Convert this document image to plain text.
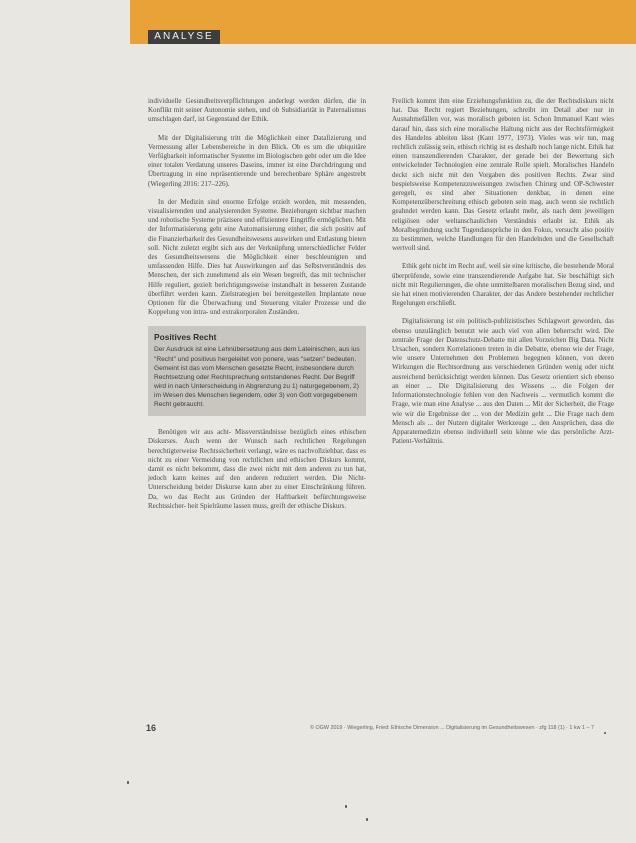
ANALYSE

individuelle Gesundheitsverpflichtungen anderlegt werden dürfen, die in Konflikt mit seiner Autonomie stehen, und ob Subsidiarität in Paternalismus umschlagen darf, ist Gegenstand der Ethik.

Mit der Digitalisierung tritt die Möglichkeit einer Datafizierung und Vermessung aller Lebensbereiche in den Blick. Ob es um die ubiquitäre Verfügbarkeit informatischer Systeme im Biologischen geht oder um die Idee einer totalen Verdatung unseres Daseins, immer ist eine Durchdringung und Übertragung in eine repräsentierende und berechenbare Sphäre angestrebt (Wiegerling 2016: 217–226).

In der Medizin sind enorme Erfolge erzielt worden, mit messenden, visualisierenden und analysierenden Systeme. Beziehungen sichtbar machen und robotische Systeme präzisere und effizientere Eingriffe ermöglichen. Mit der Informatisierung geht eine Automatisierung einher, die sich positiv auf die Finanzierbarkeit des Gesundheitswesens auswirken und Entlastung bieten soll. Nicht zuletzt ergibt sich aus der Verknüpfung unterschiedlicher Felder des Gesundheitswesens die Möglichkeit einer beschleunigten und umfassenden Hilfe. Dies hat Auswirkungen auf das Selbstverständnis des Menschen, der sich zunehmend als ein Wesen begreift, das mit technischer Hilfe reguliert, gezielt berichtigungsweise instandhalt in besseren Zustande überführt werden kann. Zielstrategien bei bereitgestellen Implantate neue Optionen für die Überwachung und Steuerung vitaler Prozesse und die Koppelung von intra- und extrakorporalen Zuständen.

Positives Recht
Der Ausdruck ist eine Lehnübersetzung aus dem Lateinischen, aus ius "Recht" und positivus hergeleitet von ponere, was "setzen" bedeuten. Gemeint ist das vom Menschen gesetzte Recht, insbesondere durch Rechtsetzung oder Rechtsprechung entstandenes Recht. Der Begriff wird in nach Unterscheidung in Abgrenzung zu 1) naturgegebenem, 2) im Wesen des Menschen liegendem, oder 3) von Gott vorgegebenem Recht gebraucht.

Benötigen wir aus acht- Missverständnisse bezüglich eines ethischen Diskurses. Auch wenn der Wunsch nach rechtlichen Regelungen berechtigterweise Rechtssicherheit verlangt, wäre es nachvollziehbar, dass es nicht zu einer Vermeidung von rechtlichen und ethischen Diskurs kommt, damit es nicht bekommt, dass die zwei nicht mit dem anderen zu tun hat, jedoch kann keines auf den anderen reduziert werden. Die Nicht-Unterscheidung beider Diskurse kann aber zu einer Einschränkung führen. Da, wo das Recht aus Gründen der Haftbarkeit befürchtungsweise Rechtssicher- heit Spielräume lassen muss, greift der ethische Diskurs.

Freilich kommt ihm eine Erziehungsfunktion zu, die der Rechtsdiskurs nicht hat. Das Recht regiert Beziehungen, schreibt im Detail aber nur in Ausnahmefällen vor, was moralisch geboten ist. Schon Immanuel Kant wies darauf hin, dass sich eine moralische Haltung nicht aus der Rechtsförmigkeit des Handelns ableiten lässt (Kant 1977, 1973). Vieles was wir tun, mag rechtlich zulässig sein, ethisch richtig ist es deshalb noch lange nicht. Ethik hat einen transzendierenden Charakter, der gerade bei der Bewertung sich entwickelnder Technologien eine zentrale Rolle spielt. Moralisches Handeln deckt sich nicht mit den Vorgaben des positiven Rechts. Zwar sind bespielsweise Kompetenzzuweisungen zwischen Chirurg und OP-Schwester geregelt, es sind aber Situationen denkbar, in denen eine Kompetenzüberschreitung ethisch geboten sein mag, auch wenn sie rechtlich geahndet werden kann. Das Gesetz erlaubt mehr, als nach dem jeweiligen religiösen oder weltanschaulichen Verständnis erlaubt ist. Ethik als Moralbegründung sucht Tugendansprüche in den Fokus, versucht also positiv zu bestimmen, welche Handlungen für den Handelnden und die Gesellschaft wertvoll sind.

Ethik geht nicht im Recht auf, weil sie eine kritische, die bestehende Moral überprüfende, sowie eine transzendierende Aufgabe hat. Sie beschäftigt sich nicht mit Regulierungen, die ohne unmittelbaren moralischen Bezug sind, und sie hat einen motivierenden Charakter, der das Andere bestehender rechtlicher Regelungen erschließt.

Digitalisierung ist ein politisch-publizistisches Schlagwort geworden, das ebenso unzulänglich benutzt wie auch viel von allen beherrscht wird. Die zentrale Frage der Datenschutz-Debatte mit allen Vorzeichen Big Data. Nicht Ursachen, sondern Korrelationen treten in die Debatte, ebenso wie der Frage, wie unsere Unternehmen den Problemen begegnen können, von deren Wirkungen die Rechtsordnung aus verschiedenen Gründen wenig oder nicht ausreichend berücksichtigt werden können. Das Gesetz orientiert sich ebenso an einer ... Die Digitalisierung des Wissens ... die Folgen der Informationstechnologie fehlen von den Nachweis ... vermutlich kommt die Frage, wie man eine Analyse ... aus den Daten ... Mit der Sicherheit, die Frage wie wir die Ergebnisse der ... von der Medizin geht ... Die Frage nach dem Mensch als ... der Nutzen digitaler Werkzeuge ... den Ansprüchen, dass die Apparatemedizin ebenso individuell sein könne wie das persönliche Arzt-Patient-Verhältnis.

16	© ÖGW 2019 · Wiegerling, Fried: Ethische Dimension ... Digitalisierung im Gesundheitswesen · zfg 118 (1) · 1 kw 1 – 7
